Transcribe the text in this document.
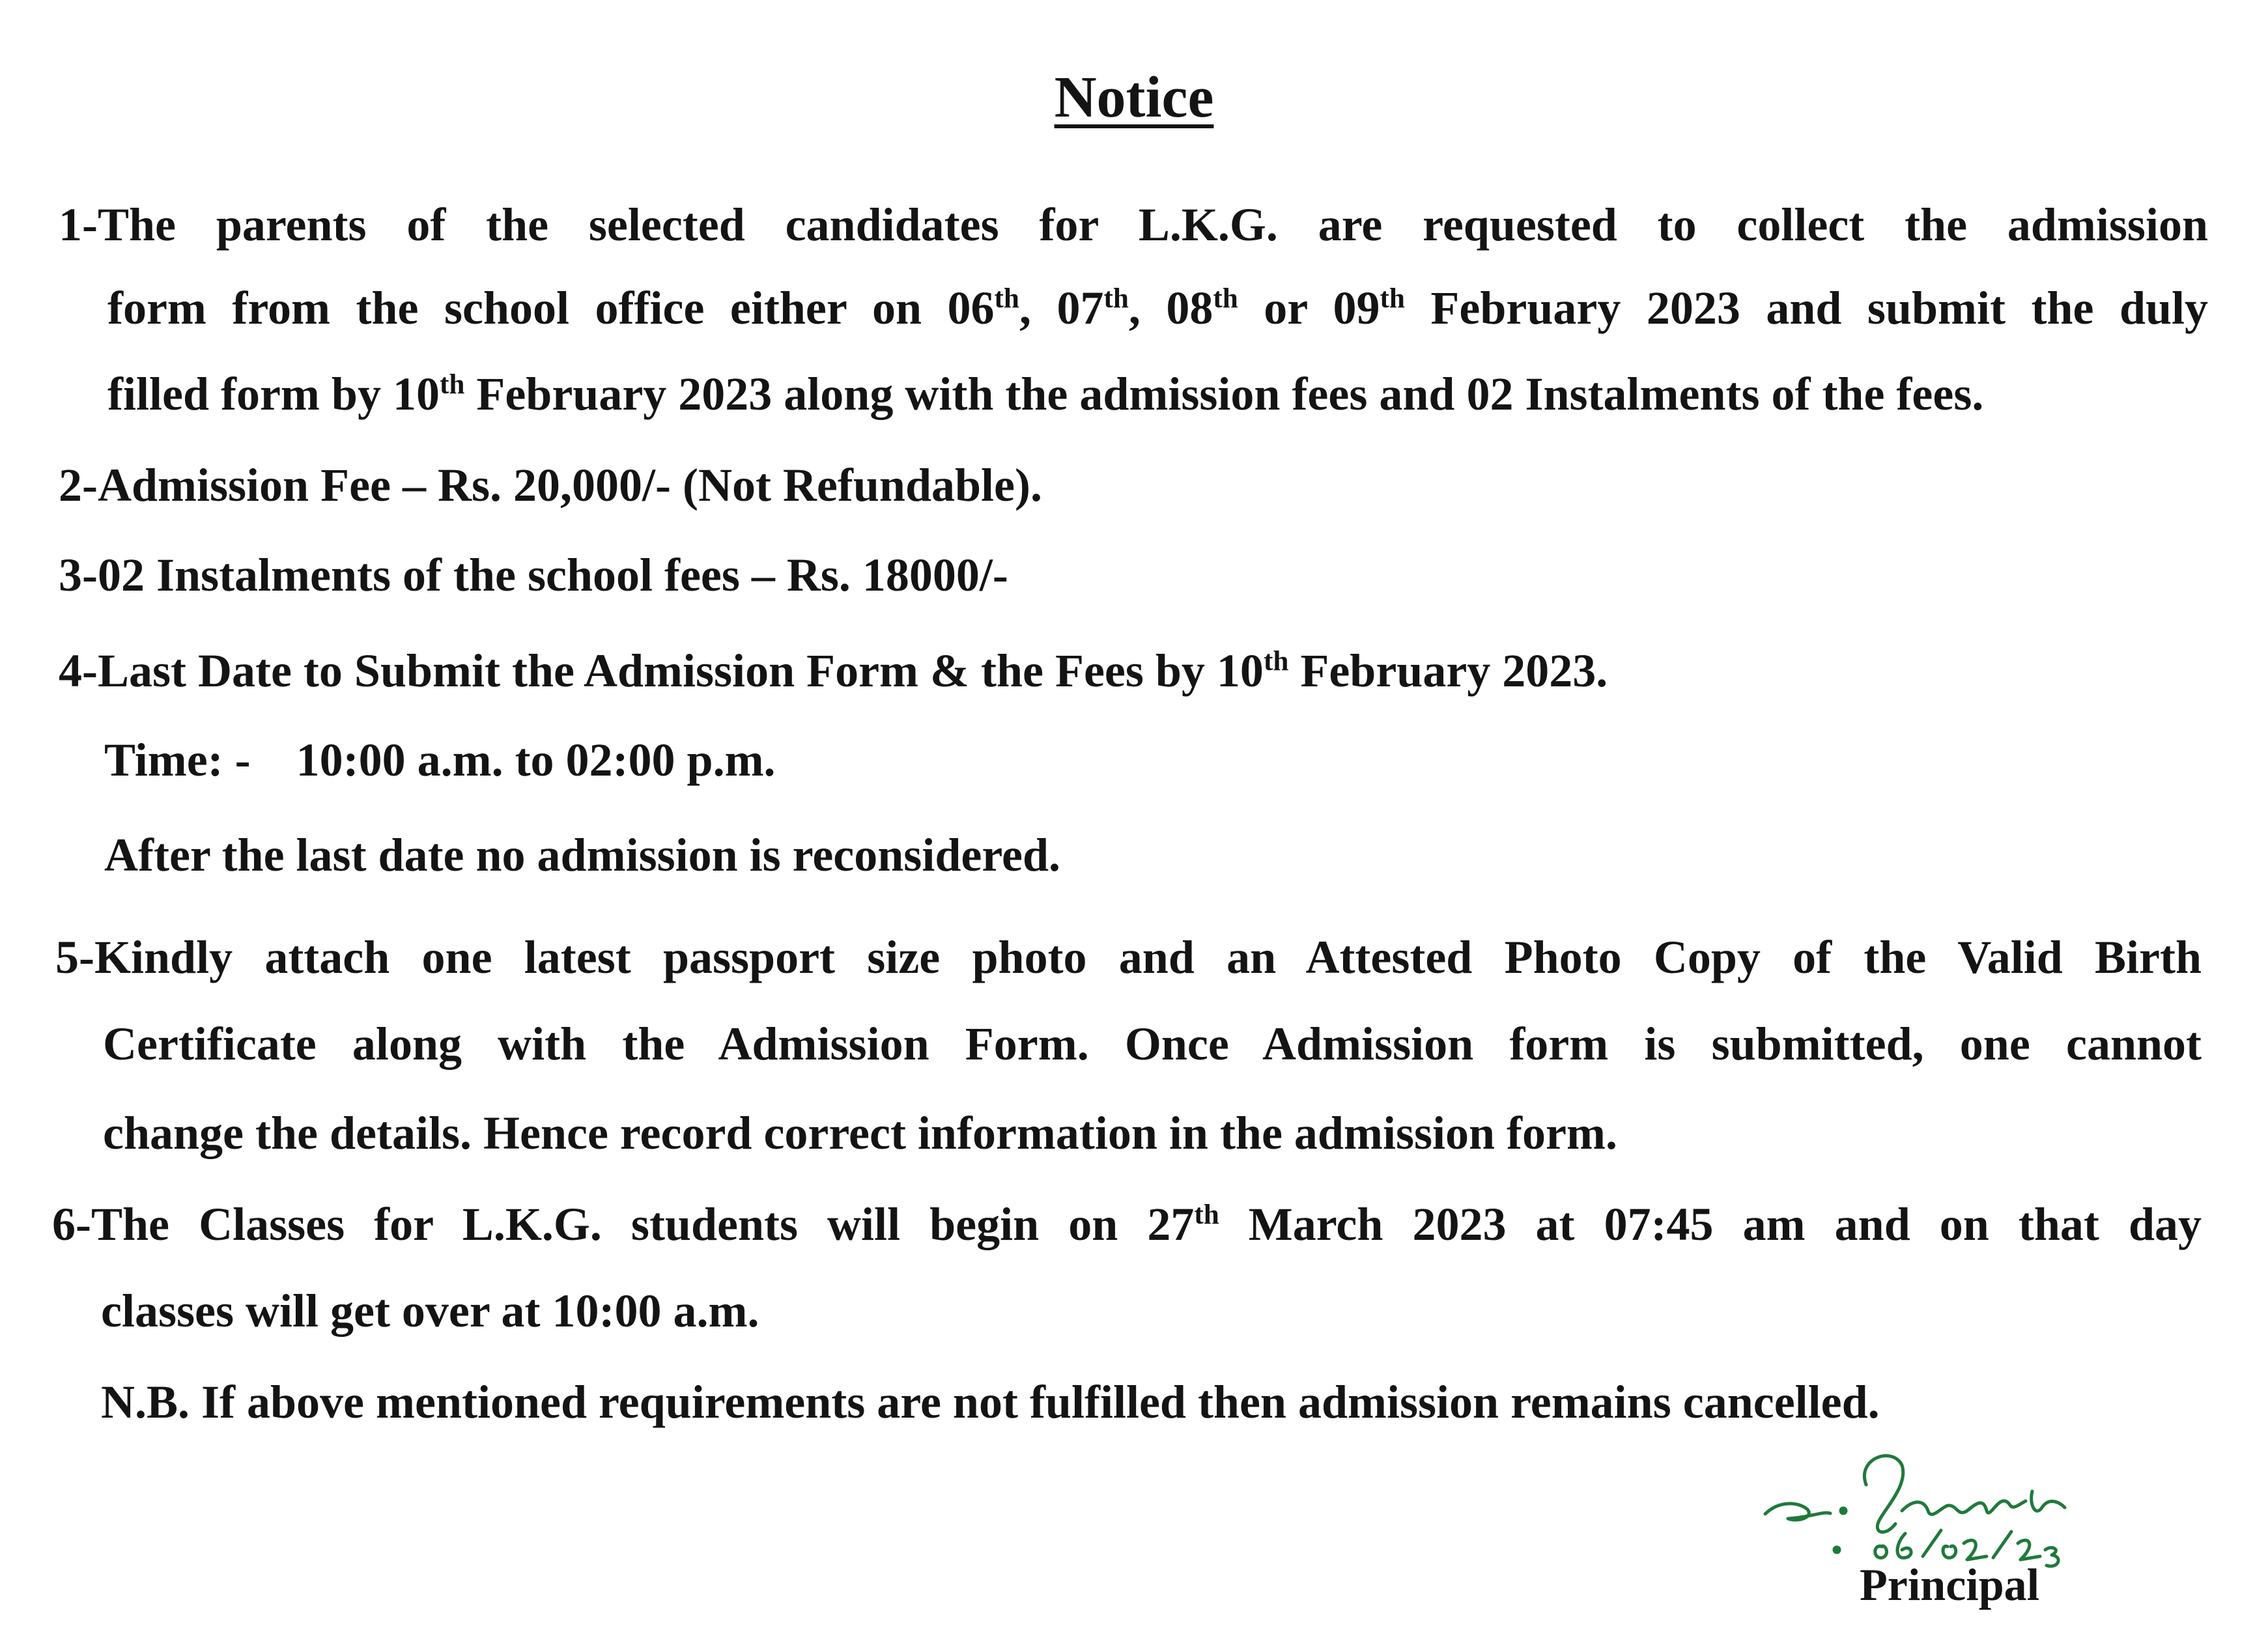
Notice
1-The parents of the selected candidates for L.K.G. are requested to collect the admission
form from the school office either on 06th, 07th, 08th or 09th February 2023 and submit the duly
filled form by 10th February 2023 along with the admission fees and 02 Instalments of the fees.
2-Admission Fee – Rs. 20,000/- (Not Refundable).
3-02 Instalments of the school fees – Rs. 18000/-
4-Last Date to Submit the Admission Form & the Fees by 10th February 2023.
Time: - 10:00 a.m. to 02:00 p.m.
After the last date no admission is reconsidered.
5-Kindly attach one latest passport size photo and an Attested Photo Copy of the Valid Birth
Certificate along with the Admission Form. Once Admission form is submitted, one cannot
change the details. Hence record correct information in the admission form.
6-The Classes for L.K.G. students will begin on 27th March 2023 at 07:45 am and on that day
classes will get over at 10:00 a.m.
N.B. If above mentioned requirements are not fulfilled then admission remains cancelled.
Principal
